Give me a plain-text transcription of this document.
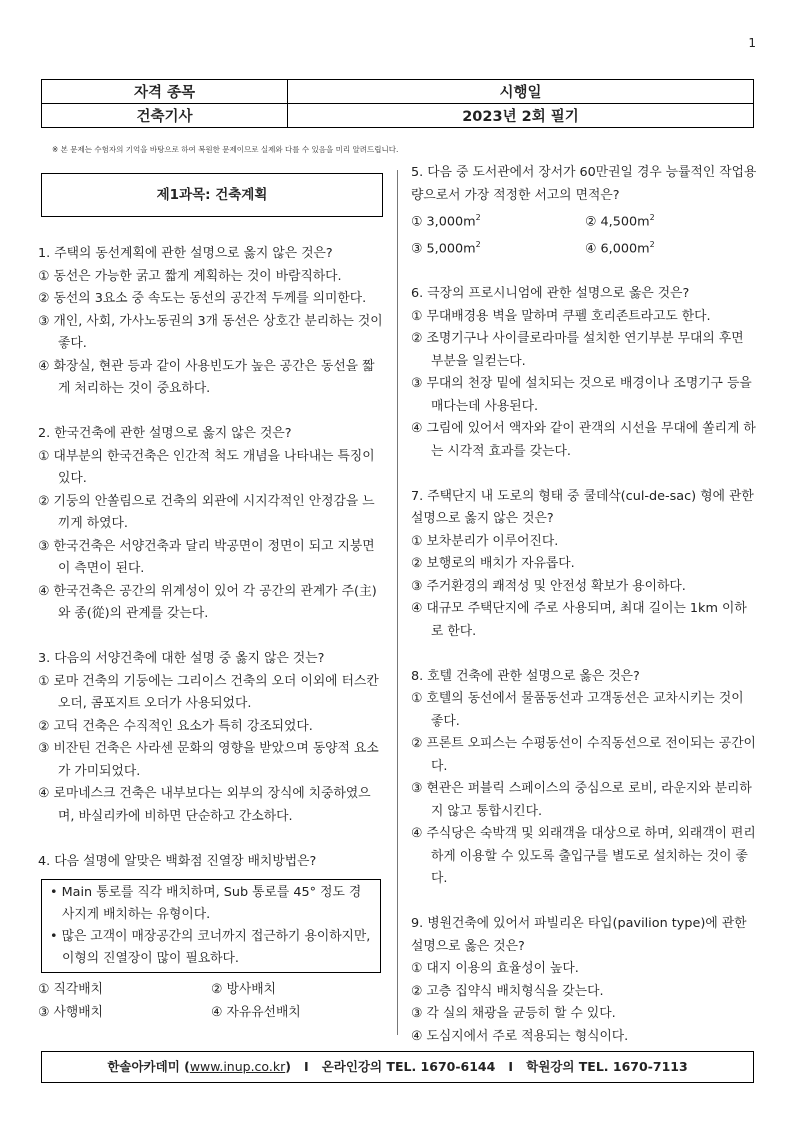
1
자격 종목	시행일
건축기사	2023년 2회 필기
※ 본 문제는 수험자의 기억을 바탕으로 하여 복원한 문제이므로 실제와 다를 수 있음을 미리 알려드립니다.
제1과목: 건축계획

1. 주택의 동선계획에 관한 설명으로 옳지 않은 것은?

① 동선은 가능한 굵고 짧게 계획하는 것이 바람직하다.

② 동선의 3요소 중 속도는 동선의 공간적 두께를 의미한다.

③ 개인, 사회, 가사노동권의 3개 동선은 상호간 분리하는 것이 좋다.

④ 화장실, 현관 등과 같이 사용빈도가 높은 공간은 동선을 짧게 처리하는 것이 중요하다.

2. 한국건축에 관한 설명으로 옳지 않은 것은?

① 대부분의 한국건축은 인간적 척도 개념을 나타내는 특징이 있다.

② 기둥의 안쏠림으로 건축의 외관에 시지각적인 안정감을 느끼게 하였다.

③ 한국건축은 서양건축과 달리 박공면이 정면이 되고 지붕면이 측면이 된다.

④ 한국건축은 공간의 위계성이 있어 각 공간의 관계가 주(主)와 종(從)의 관계를 갖는다.

3. 다음의 서양건축에 대한 설명 중 옳지 않은 것는?

① 로마 건축의 기둥에는 그리이스 건축의 오더 이외에 터스칸 오더, 콤포지트 오더가 사용되었다.

② 고딕 건축은 수직적인 요소가 특히 강조되었다.

③ 비잔틴 건축은 사라센 문화의 영향을 받았으며 동양적 요소가 가미되었다.

④ 로마네스크 건축은 내부보다는 외부의 장식에 치중하였으며, 바실리카에 비하면 단순하고 간소하다.

4. 다음 설명에 알맞은 백화점 진열장 배치방법은?

• Main 통로를 직각 배치하며, Sub 통로를 45° 정도 경사지게 배치하는 유형이다.

• 많은 고객이 매장공간의 코너까지 접근하기 용이하지만, 이형의 진열장이 많이 필요하다.

① 직각배치	② 방사배치

③ 사행배치	④ 자유유선배치

5. 다음 중 도서관에서 장서가 60만권일 경우 능률적인 작업용량으로서 가장 적정한 서고의 면적은?

① $3,000m^2$	② $4,500m^2$

③ $5,000m^2$	④ $6,000m^2$

6. 극장의 프로시니엄에 관한 설명으로 옳은 것은?

① 무대배경용 벽을 말하며 쿠펠 호리존트라고도 한다.

② 조명기구나 사이클로라마를 설치한 연기부분 무대의 후면 부분을 일컫는다.

③ 무대의 천장 밑에 설치되는 것으로 배경이나 조명기구 등을 매다는데 사용된다.

④ 그림에 있어서 액자와 같이 관객의 시선을 무대에 쏠리게 하는 시각적 효과를 갖는다.

7. 주택단지 내 도로의 형태 중 쿨데삭(cul-de-sac) 형에 관한 설명으로 옳지 않은 것은?

① 보차분리가 이루어진다.

② 보행로의 배치가 자유롭다.

③ 주거환경의 쾌적성 및 안전성 확보가 용이하다.

④ 대규모 주택단지에 주로 사용되며, 최대 길이는 1km 이하로 한다.

8. 호텔 건축에 관한 설명으로 옳은 것은?

① 호텔의 동선에서 물품동선과 고객동선은 교차시키는 것이 좋다.

② 프론트 오피스는 수평동선이 수직동선으로 전이되는 공간이다.

③ 현관은 퍼블릭 스페이스의 중심으로 로비, 라운지와 분리하지 않고 통합시킨다.

④ 주식당은 숙박객 및 외래객을 대상으로 하며, 외래객이 편리하게 이용할 수 있도록 출입구를 별도로 설치하는 것이 좋다.

9. 병원건축에 있어서 파빌리온 타입(pavilion type)에 관한 설명으로 옳은 것은?

① 대지 이용의 효율성이 높다.

② 고층 집약식 배치형식을 갖는다.

③ 각 실의 채광을 균등히 할 수 있다.

④ 도심지에서 주로 적용되는 형식이다.

한솔아카데미 (www.inup.co.kr) I 온라인강의 TEL. 1670-6144 I 학원강의 TEL. 1670-7113
